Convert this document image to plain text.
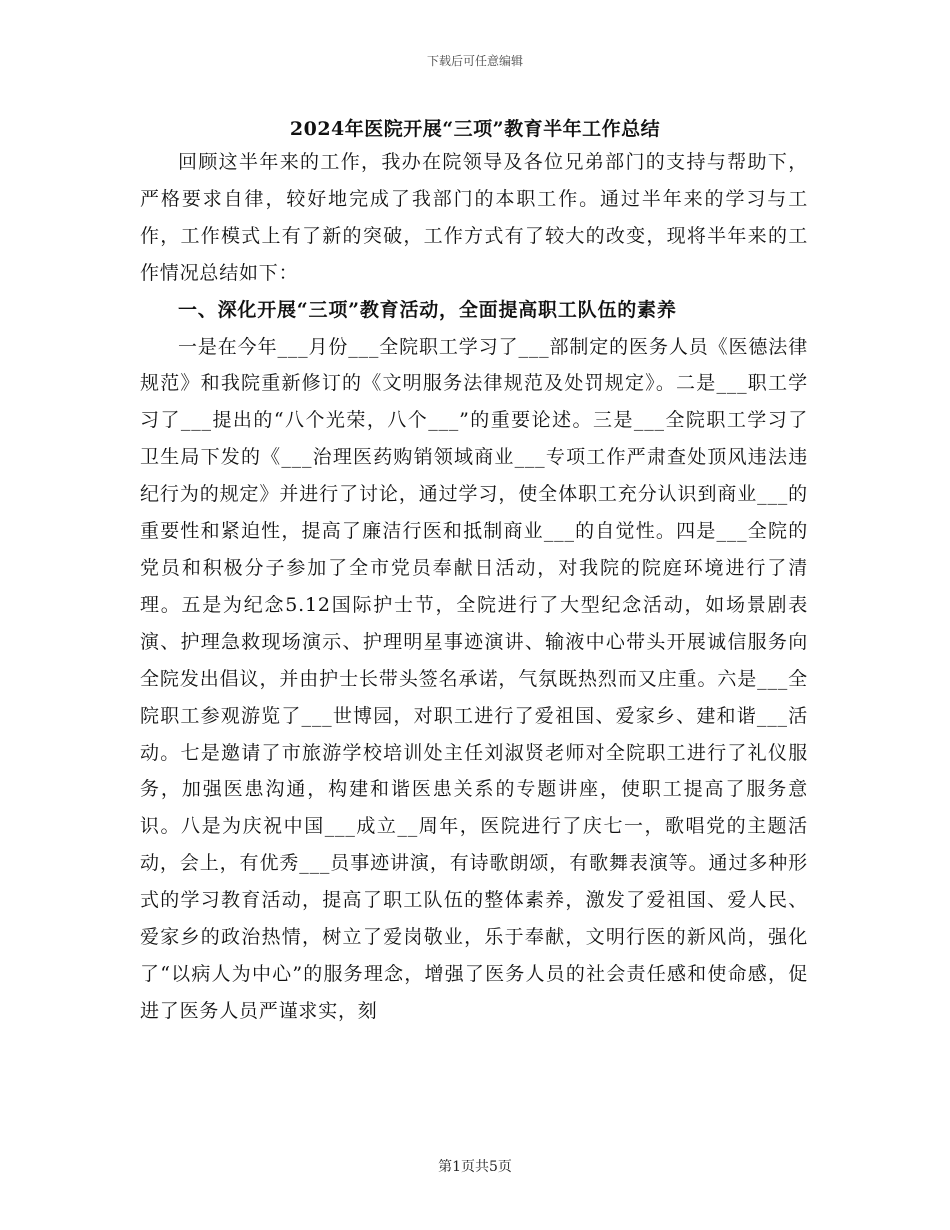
下载后可任意编辑
2024年医院开展“三项”教育半年工作总结

回顾这半年来的工作，我办在院领导及各位兄弟部门的支持与帮助下，严格要求自律，较好地完成了我部门的本职工作。通过半年来的学习与工作，工作模式上有了新的突破，工作方式有了较大的改变，现将半年来的工作情况总结如下：

一、深化开展“三项”教育活动，全面提高职工队伍的素养

一是在今年___月份___全院职工学习了___部制定的医务人员《医德法律规范》和我院重新修订的《文明服务法律规范及处罚规定》。二是___职工学习了___提出的“八个光荣，八个___”的重要论述。三是___全院职工学习了卫生局下发的《___治理医药购销领域商业___专项工作严肃查处顶风违法违纪行为的规定》并进行了讨论，通过学习，使全体职工充分认识到商业___的重要性和紧迫性，提高了廉洁行医和抵制商业___的自觉性。四是___全院的党员和积极分子参加了全市党员奉献日活动，对我院的院庭环境进行了清理。五是为纪念5.12国际护士节，全院进行了大型纪念活动，如场景剧表演、护理急救现场演示、护理明星事迹演讲、输液中心带头开展诚信服务向全院发出倡议，并由护士长带头签名承诺，气氛既热烈而又庄重。六是___全院职工参观游览了___世博园，对职工进行了爱祖国、爱家乡、建和谐___活动。七是邀请了市旅游学校培训处主任刘淑贤老师对全院职工进行了礼仪服务，加强医患沟通，构建和谐医患关系的专题讲座，使职工提高了服务意识。八是为庆祝中国___成立__周年，医院进行了庆七一，歌唱党的主题活动，会上，有优秀___员事迹讲演，有诗歌朗颂，有歌舞表演等。通过多种形式的学习教育活动，提高了职工队伍的整体素养，激发了爱祖国、爱人民、爱家乡的政治热情，树立了爱岗敬业，乐于奉献，文明行医的新风尚，强化了“以病人为中心”的服务理念，增强了医务人员的社会责任感和使命感，促进了医务人员严谨求实，刻

第1页共5页
